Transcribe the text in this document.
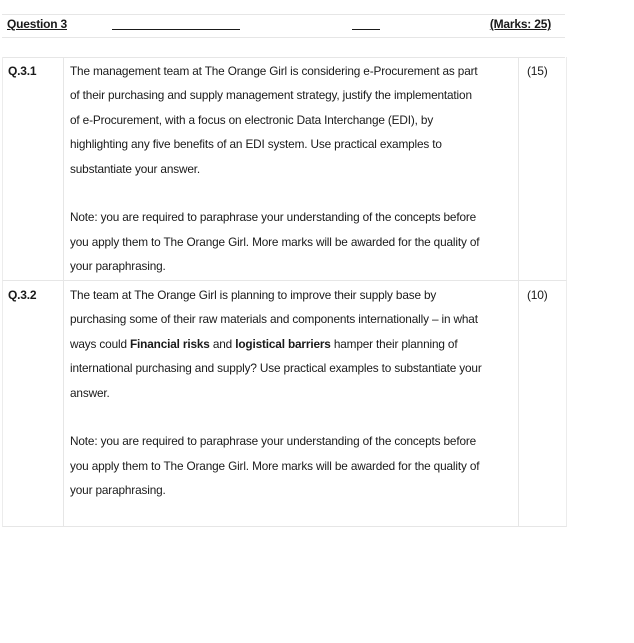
Question 3	(Marks: 25)
Q.3.1	The management team at The Orange Girl is considering e-Procurement as part
of their purchasing and supply management strategy, justify the implementation
of e-Procurement, with a focus on electronic Data Interchange (EDI), by
highlighting any five benefits of an EDI system. Use practical examples to
substantiate your answer.
Note: you are required to paraphrase your understanding of the concepts before
you apply them to The Orange Girl. More marks will be awarded for the quality of
your paraphrasing.
(15)
Q.3.2	The team at The Orange Girl is planning to improve their supply base by
purchasing some of their raw materials and components internationally – in what
ways could Financial risks and logistical barriers hamper their planning of
international purchasing and supply? Use practical examples to substantiate your
answer.
Note: you are required to paraphrase your understanding of the concepts before
you apply them to The Orange Girl. More marks will be awarded for the quality of
your paraphrasing.
(10)
